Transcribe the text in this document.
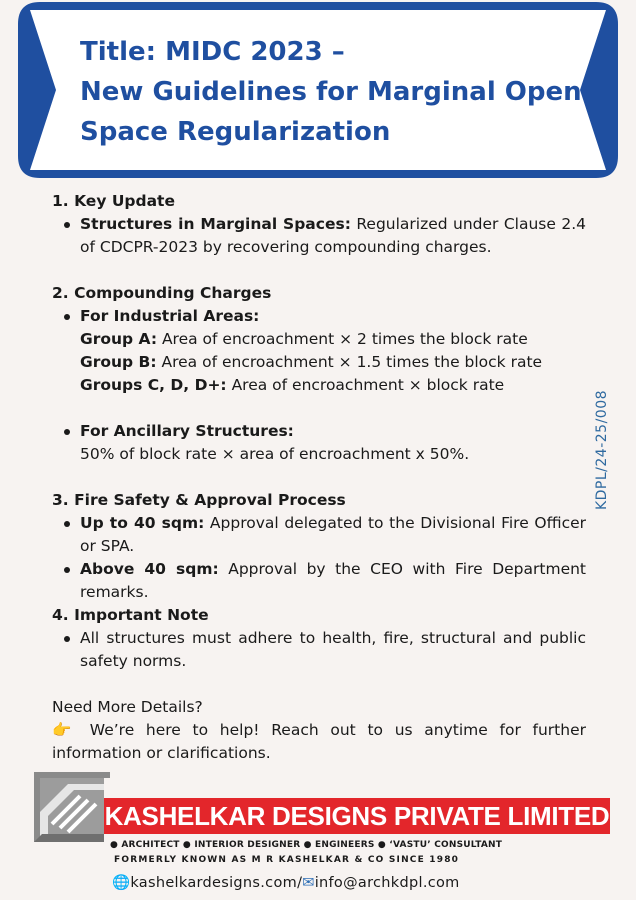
Title: MIDC 2023 –
New Guidelines for Marginal Open
Space Regularization
1. Key Update
Structures in Marginal Spaces: Regularized under Clause 2.4 of CDCPR-2023 by recovering compounding charges.
2. Compounding Charges
For Industrial Areas:
Group A: Area of encroachment × 2 times the block rate
Group B: Area of encroachment × 1.5 times the block rate
Groups C, D, D+: Area of encroachment × block rate
For Ancillary Structures:
50% of block rate × area of encroachment x 50%.
3. Fire Safety & Approval Process
Up to 40 sqm: Approval delegated to the Divisional Fire Officer or SPA.
Above 40 sqm: Approval by the CEO with Fire Department remarks.
4. Important Note
All structures must adhere to health, fire, structural and public safety norms.
Need More Details?
👉 We’re here to help! Reach out to us anytime for further information or clarifications.
KDPL/24-25/008
KASHELKAR DESIGNS PRIVATE LIMITED
● ARCHITECT ● INTERIOR DESIGNER ● ENGINEERS ● ‘VASTU’ CONSULTANT
FORMERLY KNOWN AS M R KASHELKAR & CO SINCE 1980
🌐kashelkardesigns.com/✉info@archkdpl.com
